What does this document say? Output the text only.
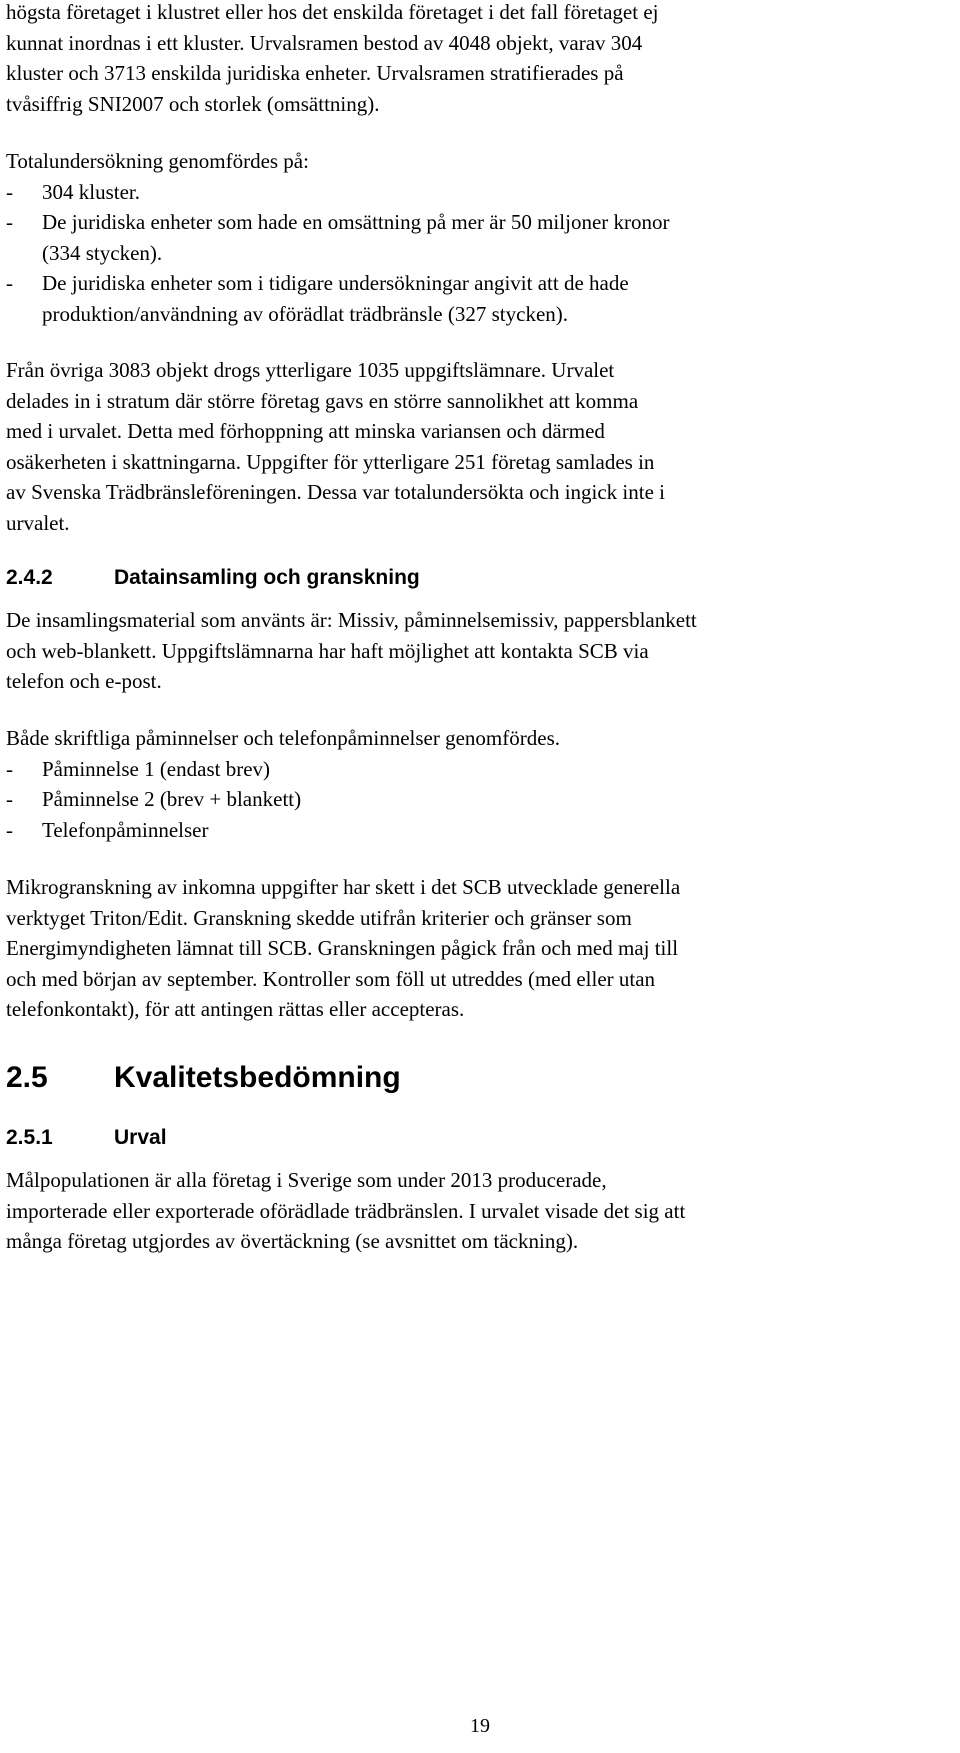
högsta företaget i klustret eller hos det enskilda företaget i det fall företaget ej

kunnat inordnas i ett kluster. Urvalsramen bestod av 4048 objekt, varav 304

kluster och 3713 enskilda juridiska enheter. Urvalsramen stratifierades på

tvåsiffrig SNI2007 och storlek (omsättning).

Totalundersökning genomfördes på:

- 304 kluster.

- De juridiska enheter som hade en omsättning på mer är 50 miljoner kronor

(334 stycken).

- De juridiska enheter som i tidigare undersökningar angivit att de hade

produktion/användning av oförädlat trädbränsle (327 stycken).

Från övriga 3083 objekt drogs ytterligare 1035 uppgiftslämnare. Urvalet

delades in i stratum där större företag gavs en större sannolikhet att komma

med i urvalet. Detta med förhoppning att minska variansen och därmed

osäkerheten i skattningarna. Uppgifter för ytterligare 251 företag samlades in

av Svenska Trädbränsleföreningen. Dessa var totalundersökta och ingick inte i

urvalet.

2.4.2	Datainsamling och granskning

De insamlingsmaterial som använts är: Missiv, påminnelsemissiv, pappersblankett

och web-blankett. Uppgiftslämnarna har haft möjlighet att kontakta SCB via

telefon och e-post.

Både skriftliga påminnelser och telefonpåminnelser genomfördes.

- Påminnelse 1 (endast brev)

- Påminnelse 2 (brev + blankett)

- Telefonpåminnelser

Mikrogranskning av inkomna uppgifter har skett i det SCB utvecklade generella

verktyget Triton/Edit. Granskning skedde utifrån kriterier och gränser som

Energimyndigheten lämnat till SCB. Granskningen pågick från och med maj till

och med början av september. Kontroller som föll ut utreddes (med eller utan

telefonkontakt), för att antingen rättas eller accepteras.

2.5 Kvalitetsbedömning
2.5.1	Urval

Målpopulationen är alla företag i Sverige som under 2013 producerade,

importerade eller exporterade oförädlade trädbränslen. I urvalet visade det sig att

många företag utgjordes av övertäckning (se avsnittet om täckning).

19
